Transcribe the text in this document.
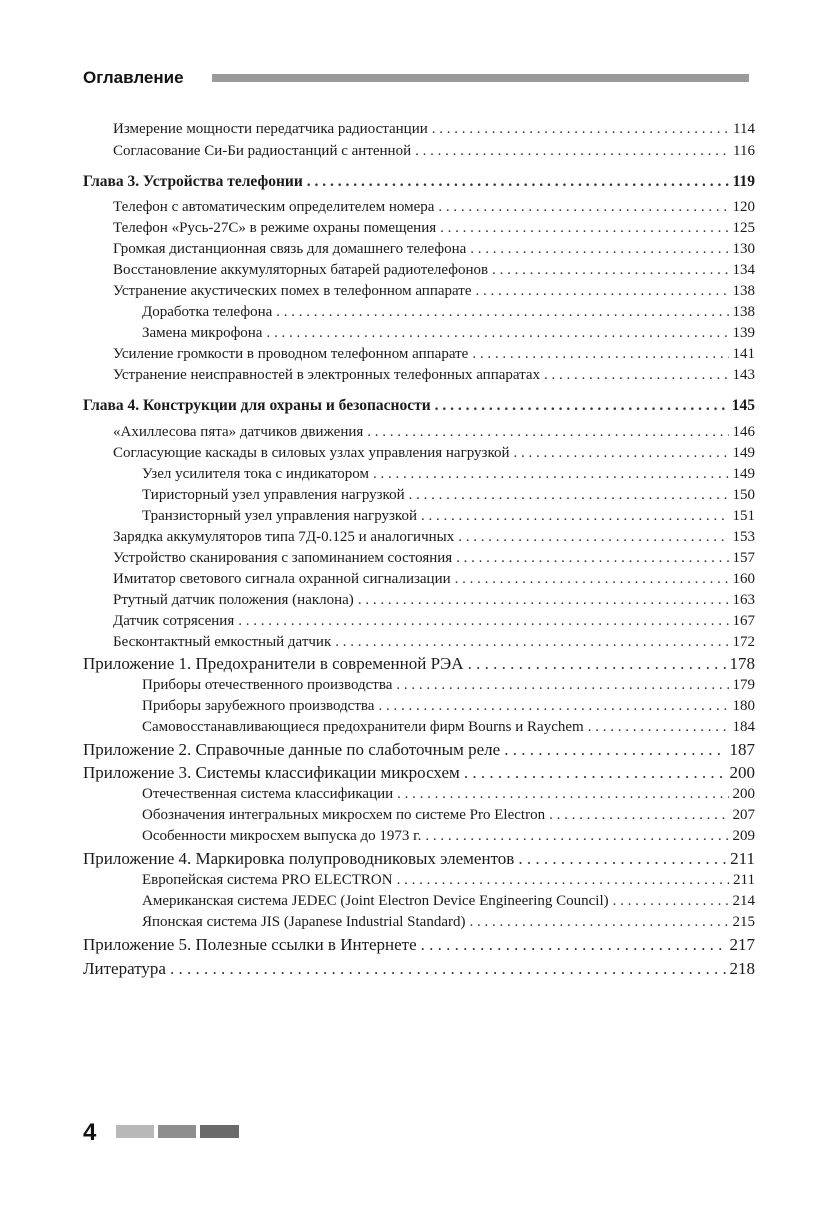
Оглавление
Измерение мощности передатчика радиостанции . . .	114
Согласование Си-Би радиостанций с антенной . . .	116
Глава 3. Устройства телефонии . . .	119
Телефон с автоматическим определителем номера . . .	120
Телефон «Русь-27С» в режиме охраны помещения . . .	125
Громкая дистанционная связь для домашнего телефона . . .	130
Восстановление аккумуляторных батарей радиотелефонов . . .	134
Устранение акустических помех в телефонном аппарате . . .	138
Доработка телефона . . .	138
Замена микрофона . . .	139
Усиление громкости в проводном телефонном аппарате . . .	141
Устранение неисправностей в электронных телефонных аппаратах . . .	143
Глава 4. Конструкции для охраны и безопасности . . .	145
«Ахиллесова пята» датчиков движения . . .	146
Согласующие каскады в силовых узлах управления нагрузкой . . .	149
Узел усилителя тока с индикатором . . .	149
Тиристорный узел управления нагрузкой . . .	150
Транзисторный узел управления нагрузкой . . .	151
Зарядка аккумуляторов типа 7Д-0.125 и аналогичных . . .	153
Устройство сканирования с запоминанием состояния . . .	157
Имитатор светового сигнала охранной сигнализации . . .	160
Ртутный датчик положения (наклона) . . .	163
Датчик сотрясения . . .	167
Бесконтактный емкостный датчик . . .	172
Приложение 1. Предохранители в современной РЭА . . .	178
Приборы отечественного производства . . .	179
Приборы зарубежного производства . . .	180
Самовосстанавливающиеся предохранители фирм Bourns и Raychem . . .	184
Приложение 2. Справочные данные по слаботочным реле . . .	187
Приложение 3. Системы классификации микросхем . . .	200
Отечественная система классификации . . .	200
Обозначения интегральных микросхем по системе Pro Electron . . .	207
Особенности микросхем выпуска до 1973 г. . . .	209
Приложение 4. Маркировка полупроводниковых элементов . . .	211
Европейская система PRO ELECTRON . . .	211
Американская система JEDEC (Joint Electron Device Engineering Council) . . .	214
Японская система JIS (Japanese Industrial Standard) . . .	215
Приложение 5. Полезные ссылки в Интернете . . .	217
Литература . . .	218
4
